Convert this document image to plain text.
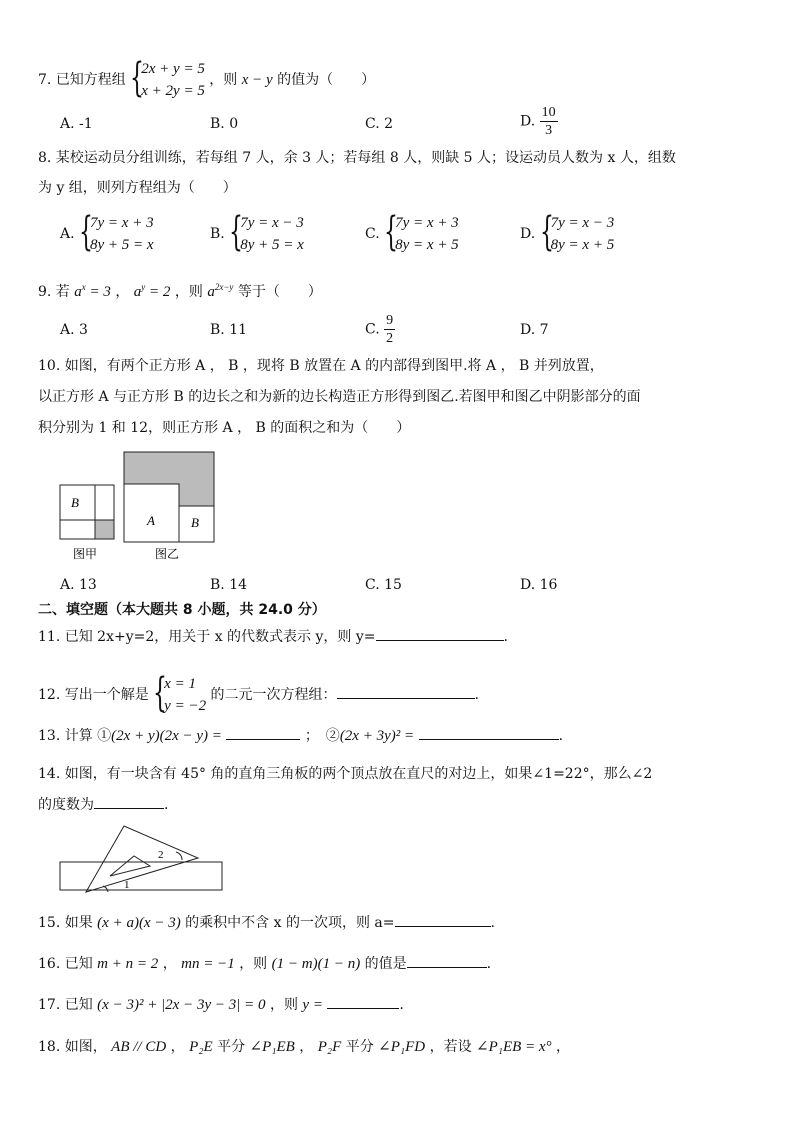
7. 已知方程组 {
2x + y = 5
x + 2y = 5
，则 x − y 的值为（　　）
A. -1	B. 0	C. 2	D. $\frac{10}{3}$
8. 某校运动员分组训练，若每组 7 人，余 3 人；若每组 8 人，则缺 5 人；设运动员人数为 x 人，组数
为 y 组，则列方程组为（　　）
A. {
7y = x + 3
8y + 5 = x
B. {
7y = x − 3
8y + 5 = x
C. {
7y = x + 3
8y = x + 5
D. {
7y = x − 3
8y = x + 5
9. 若 $a^x = 3$ ， $a^y = 2$ ，则 $a^{2x-y}$ 等于（　　）
A. 3	B. 11	C. $\frac{9}{2}$	D. 7
10. 如图，有两个正方形 A ， B ，现将 B 放置在 A 的内部得到图甲.将 A ， B 并列放置，
以正方形 A 与正方形 B 的边长之和为新的边长构造正方形得到图乙.若图甲和图乙中阴影部分的面
积分别为 1 和 12，则正方形 A ， B 的面积之和为（　　）
B
A	B
图甲	图乙
A. 13	B. 14	C. 15	D. 16
二、填空题（本大题共 8 小题，共 24.0 分）
11. 已知 2x+y=2，用关于 x 的代数式表示 y，则 y=	.
12. 写出一个解是 {
x = 1
y = −2
的二元一次方程组：	.
13. 计算 ①(2x + y)(2x − y) =	；　②(2x + 3y)² =	.
14. 如图，有一块含有 45° 角的直角三角板的两个顶点放在直尺的对边上，如果∠1=22°，那么∠2
的度数为	.
1
2
15. 如果 (x + a)(x − 3) 的乘积中不含 x 的一次项，则 a=	.
16. 已知 m + n = 2 ， mn = −1 ，则 (1 − m)(1 − n) 的值是	.
17. 已知 (x − 3)² + |2x − 3y − 3| = 0 ，则 y =	.
18. 如图， AB // CD ， P₂E 平分 ∠P₁EB ， P₂F 平分 ∠P₁FD ，若设 ∠P₁EB = x° ，
